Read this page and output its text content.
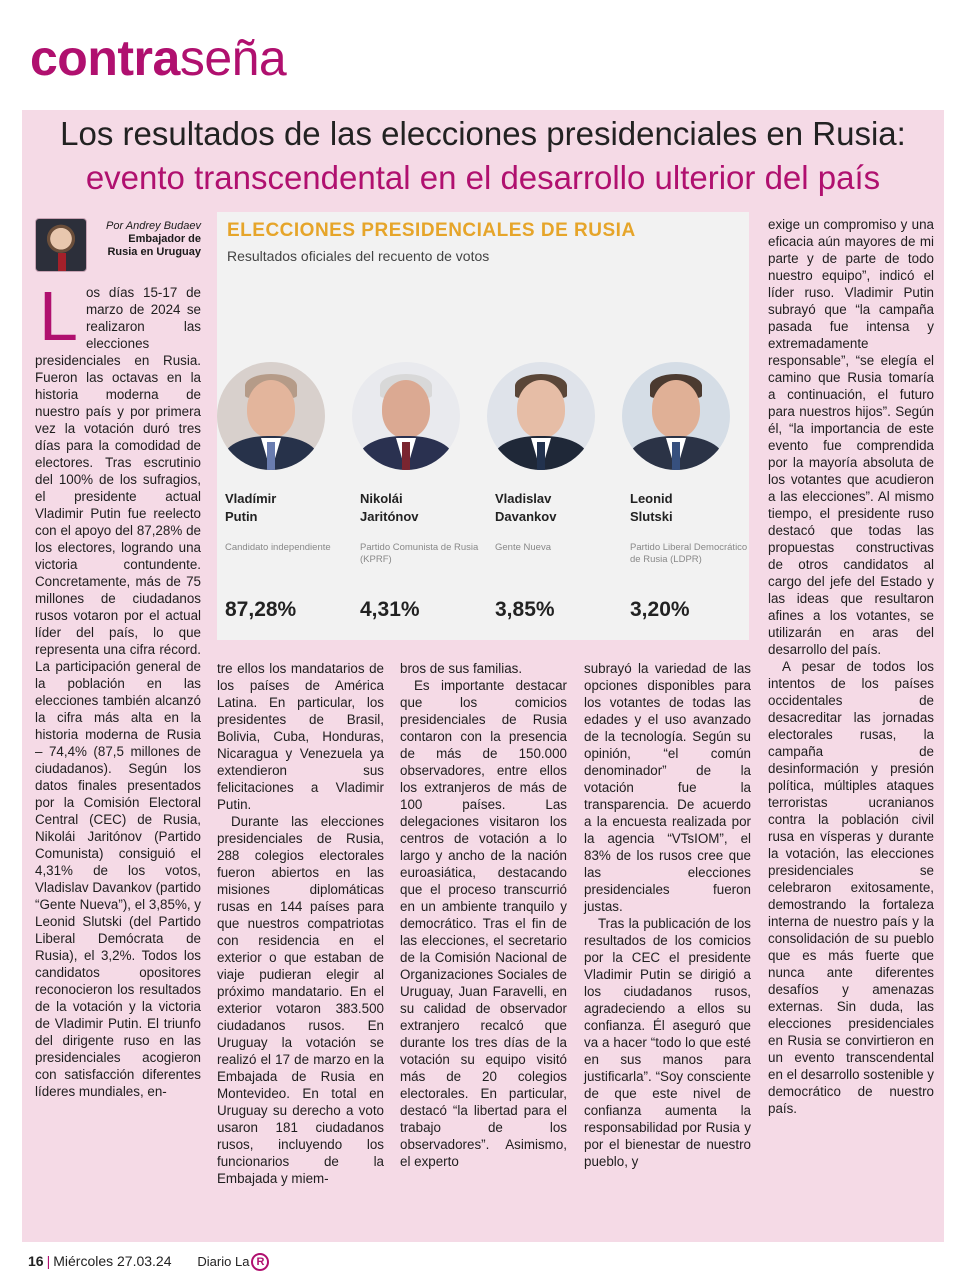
contraseña
Los resultados de las elecciones presidenciales en Rusia:
evento transcendental en el desarrollo ulterior del país
Por Andrey Budaev
Embajador de
Rusia en Uruguay

Los días 15-17 de marzo de 2024 se realizaron las elecciones presidenciales en Rusia. Fueron las octavas en la historia moderna de nuestro país y por primera vez la votación duró tres días para la comodidad de electores. Tras escrutinio del 100% de los sufragios, el presidente actual Vladimir Putin fue reelecto con el apoyo del 87,28% de los electores, logrando una victoria contundente. Concretamente, más de 75 millones de ciudadanos rusos votaron por el actual líder del país, lo que representa una cifra récord. La participación general de la población en las elecciones también alcanzó la cifra más alta en la historia moderna de Rusia – 74,4% (87,5 millones de ciudadanos). Según los datos finales presentados por la Comisión Electoral Central (CEC) de Rusia, Nikolái Jaritónov (Partido Comunista) consiguió el 4,31% de los votos, Vladislav Davankov (partido “Gente Nueva”), el 3,85%, y Leonid Slutski (del Partido Liberal Demócrata de Rusia), el 3,2%. Todos los candidatos opositores reconocieron los resultados de la votación y la victoria de Vladimir Putin. El triunfo del dirigente ruso en las presidenciales acogieron con satisfacción diferentes líderes mundiales, en-

ELECCIONES PRESIDENCIALES DE RUSIA
Resultados oficiales del recuento de votos
Vladímir
Putin
Candidato independiente
87,28%
Nikolái
Jaritónov
Partido Comunista de Rusia (KPRF)
4,31%
Vladislav
Davankov
Gente Nueva
3,85%
Leonid
Slutski
Partido Liberal Democrático de Rusia (LDPR)
3,20%

tre ellos los mandatarios de los países de América Latina. En particular, los presidentes de Brasil, Bolivia, Cuba, Honduras, Nicaragua y Venezuela ya extendieron sus felicitaciones a Vladimir Putin.

Durante las elecciones presidenciales de Rusia, 288 colegios electorales fueron abiertos en las misiones diplomáticas rusas en 144 países para que nuestros compatriotas con residencia en el exterior o que estaban de viaje pudieran elegir al próximo mandatario. En el exterior votaron 383.500 ciudadanos rusos. En Uruguay la votación se realizó el 17 de marzo en la Embajada de Rusia en Montevideo. En total en Uruguay su derecho a voto usaron 181 ciudadanos rusos, incluyendo los funcionarios de la Embajada y miem-

bros de sus familias.

Es importante destacar que los comicios presidenciales de Rusia contaron con la presencia de más de 150.000 observadores, entre ellos los extranjeros de más de 100 países. Las delegaciones visitaron los centros de votación a lo largo y ancho de la nación euroasiática, destacando que el proceso transcurrió en un ambiente tranquilo y democrático. Tras el fin de las elecciones, el secretario de la Comisión Nacional de Organizaciones Sociales de Uruguay, Juan Faravelli, en su calidad de observador extranjero recalcó que durante los tres días de la votación su equipo visitó más de 20 colegios electorales. En particular, destacó “la libertad para el trabajo de los observadores”. Asimismo, el experto

subrayó la variedad de las opciones disponibles para los votantes de todas las edades y el uso avanzado de la tecnología. Según su opinión, “el común denominador” de la votación fue la transparencia. De acuerdo a la encuesta realizada por la agencia “VTsIOM”, el 83% de los rusos cree que las elecciones presidenciales fueron justas.

Tras la publicación de los resultados de los comicios por la CEC el presidente Vladimir Putin se dirigió a los ciudadanos rusos, agradeciendo a ellos su confianza. Él aseguró que va a hacer “todo lo que esté en sus manos para justificarla”. “Soy consciente de que este nivel de confianza aumenta la responsabilidad por Rusia y por el bienestar de nuestro pueblo, y

exige un compromiso y una eficacia aún mayores de mi parte y de parte de todo nuestro equipo”, indicó el líder ruso. Vladimir Putin subrayó que “la campaña pasada fue intensa y extremadamente responsable”, “se elegía el camino que Rusia tomaría a continuación, el futuro para nuestros hijos”. Según él, “la importancia de este evento fue comprendida por la mayoría absoluta de los votantes que acudieron a las elecciones”. Al mismo tiempo, el presidente ruso destacó que todas las propuestas constructivas de otros candidatos al cargo del jefe del Estado y las ideas que resultaron afines a los votantes, se utilizarán en aras del desarrollo del país.

A pesar de todos los intentos de los países occidentales de desacreditar las jornadas electorales rusas, la campaña de desinformación y presión política, múltiples ataques terroristas ucranianos contra la población civil rusa en vísperas y durante la votación, las elecciones presidenciales se celebraron exitosamente, demostrando la fortaleza interna de nuestro país y la consolidación de su pueblo que es más fuerte que nunca ante diferentes desafíos y amenazas externas. Sin duda, las elecciones presidenciales en Rusia se convirtieron en un evento transcendental en el desarrollo sostenible y democrático de nuestro país.

16 | Miércoles 27.03.24 Diario La R
